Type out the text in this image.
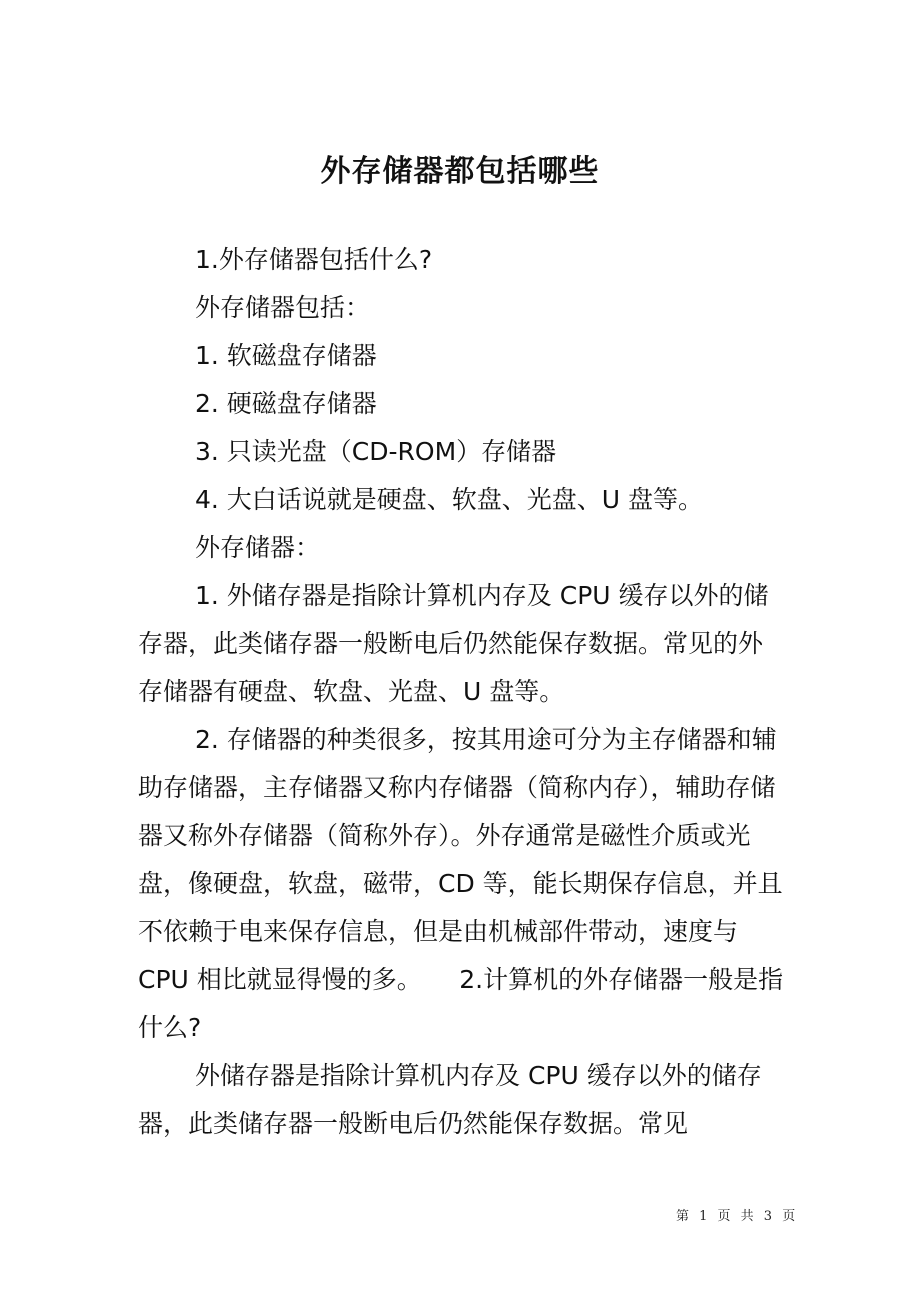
外存储器都包括哪些

1.外存储器包括什么?

外存储器包括：

1. 软磁盘存储器

2. 硬磁盘存储器

3. 只读光盘（CD-ROM）存储器

4. 大白话说就是硬盘、软盘、光盘、U 盘等。

外存储器：

1. 外储存器是指除计算机内存及 CPU 缓存以外的储存器，此类储存器一般断电后仍然能保存数据。常见的外存储器有硬盘、软盘、光盘、U 盘等。

2. 存储器的种类很多，按其用途可分为主存储器和辅助存储器，主存储器又称内存储器（简称内存），辅助存储器又称外存储器（简称外存）。外存通常是磁性介质或光盘，像硬盘，软盘，磁带，CD 等，能长期保存信息，并且不依赖于电来保存信息，但是由机械部件带动，速度与 CPU 相比就显得慢的多。　　2.计算机的外存储器一般是指什么?

外储存器是指除计算机内存及 CPU 缓存以外的储存器，此类储存器一般断电后仍然能保存数据。常见

第 1 页 共 3 页
